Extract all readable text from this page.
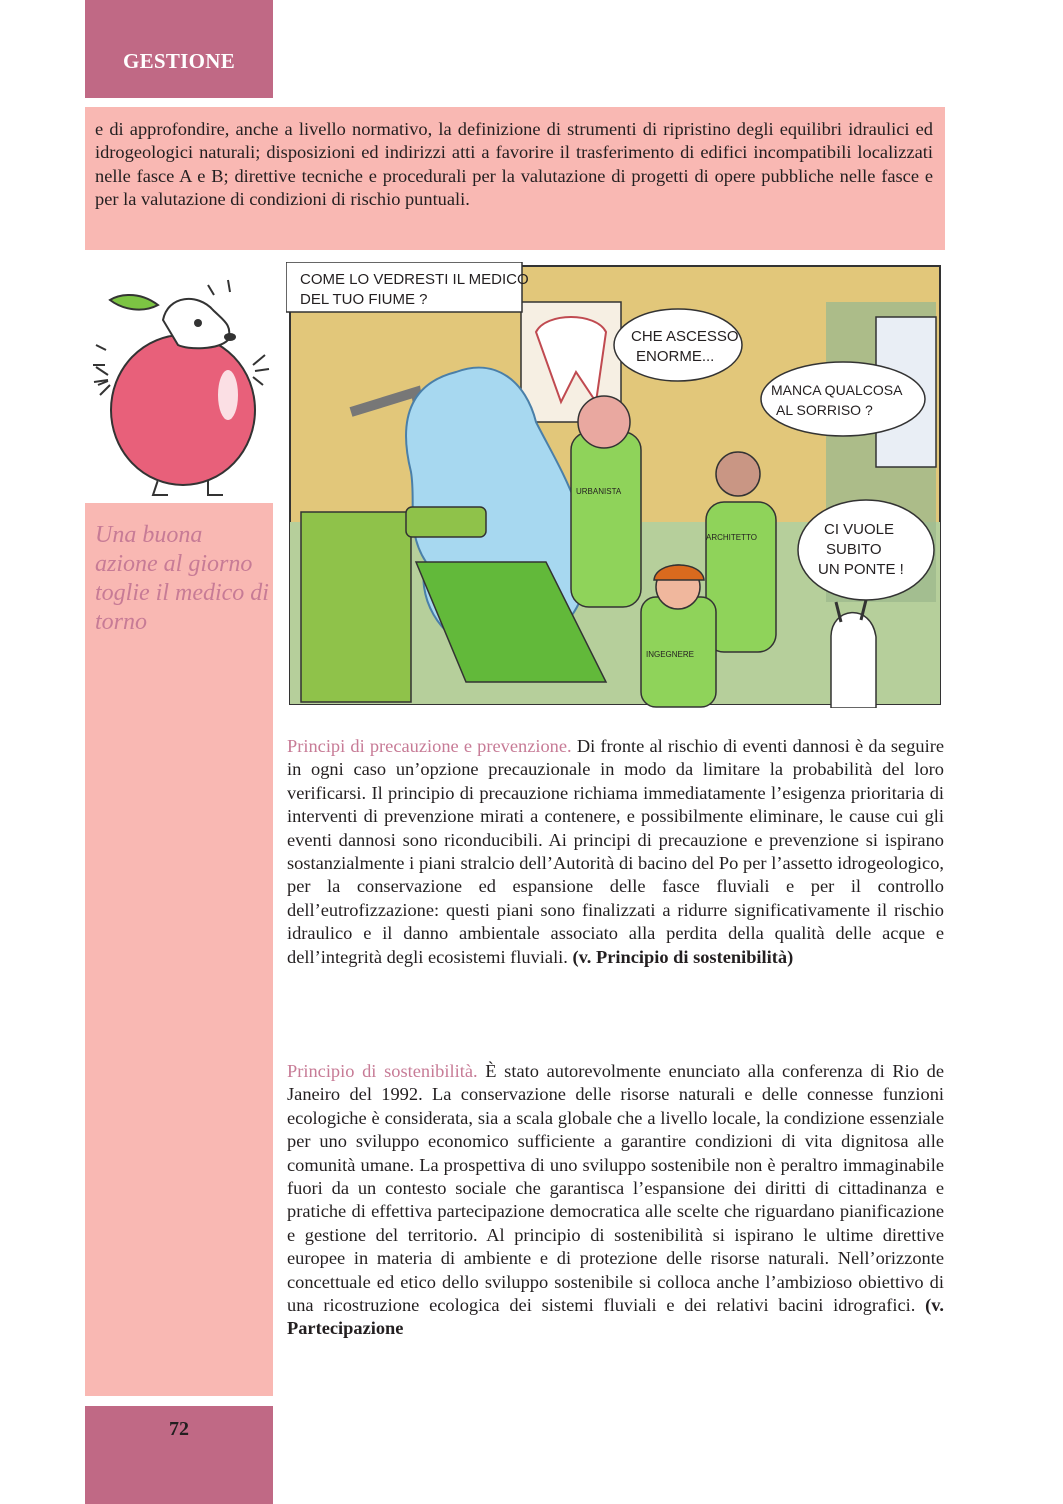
GESTIONE
e di approfondire, anche a livello normativo, la definizione di strumenti di ripristino degli equilibri idraulici ed idrogeologici naturali; disposizioni ed indirizzi atti a favorire il trasferimento di edifici incompatibili localizzati nelle fasce A e B; direttive tecniche e procedurali per la valutazione di progetti di opere pubbliche nelle fasce e per la valutazione di condizioni di rischio puntuali.
Una buona azione al giorno toglie il medico di torno
COME LO VEDRESTI IL MEDICO
DEL TUO FIUME ?
CHE ASCESSO
ENORME...
MANCA QUALCOSA
AL SORRISO ?
CI VUOLE
SUBITO
UN PONTE !
URBANISTA
ARCHITETTO
INGEGNERE
Principi di precauzione e prevenzione. Di fronte al rischio di eventi dannosi è da seguire in ogni caso un’opzione precauzionale in modo da limitare la probabilità del loro verificarsi. Il principio di precauzione richiama immediatamente l’esigenza prioritaria di interventi di prevenzione mirati a contenere, e possibilmente eliminare, le cause cui gli eventi dannosi sono riconducibili. Ai principi di precauzione e prevenzione si ispirano sostanzialmente i piani stralcio dell’Autorità di bacino del Po per l’assetto idrogeologico, per la conservazione ed espansione delle fasce fluviali e per il controllo dell’eutrofizzazione: questi piani sono finalizzati a ridurre significativamente il rischio idraulico e il danno ambientale associato alla perdita della qualità delle acque e dell’integrità degli ecosistemi fluviali. (v. Principio di sostenibilità)
Principio di sostenibilità. È stato autorevolmente enunciato alla conferenza di Rio de Janeiro del 1992. La conservazione delle risorse naturali e delle connesse funzioni ecologiche è considerata, sia a scala globale che a livello locale, la condizione essenziale per uno sviluppo economico sufficiente a garantire condizioni di vita dignitosa alle comunità umane. La prospettiva di uno sviluppo sostenibile non è peraltro immaginabile fuori da un contesto sociale che garantisca l’espansione dei diritti di cittadinanza e pratiche di effettiva partecipazione democratica alle scelte che riguardano pianificazione e gestione del territorio. Al principio di sostenibilità si ispirano le ultime direttive europee in materia di ambiente e di protezione delle risorse naturali. Nell’orizzonte concettuale ed etico dello sviluppo sostenibile si colloca anche l’ambizioso obiettivo di una ricostruzione ecologica dei sistemi fluviali e dei relativi bacini idrografici. (v. Partecipazione
72
